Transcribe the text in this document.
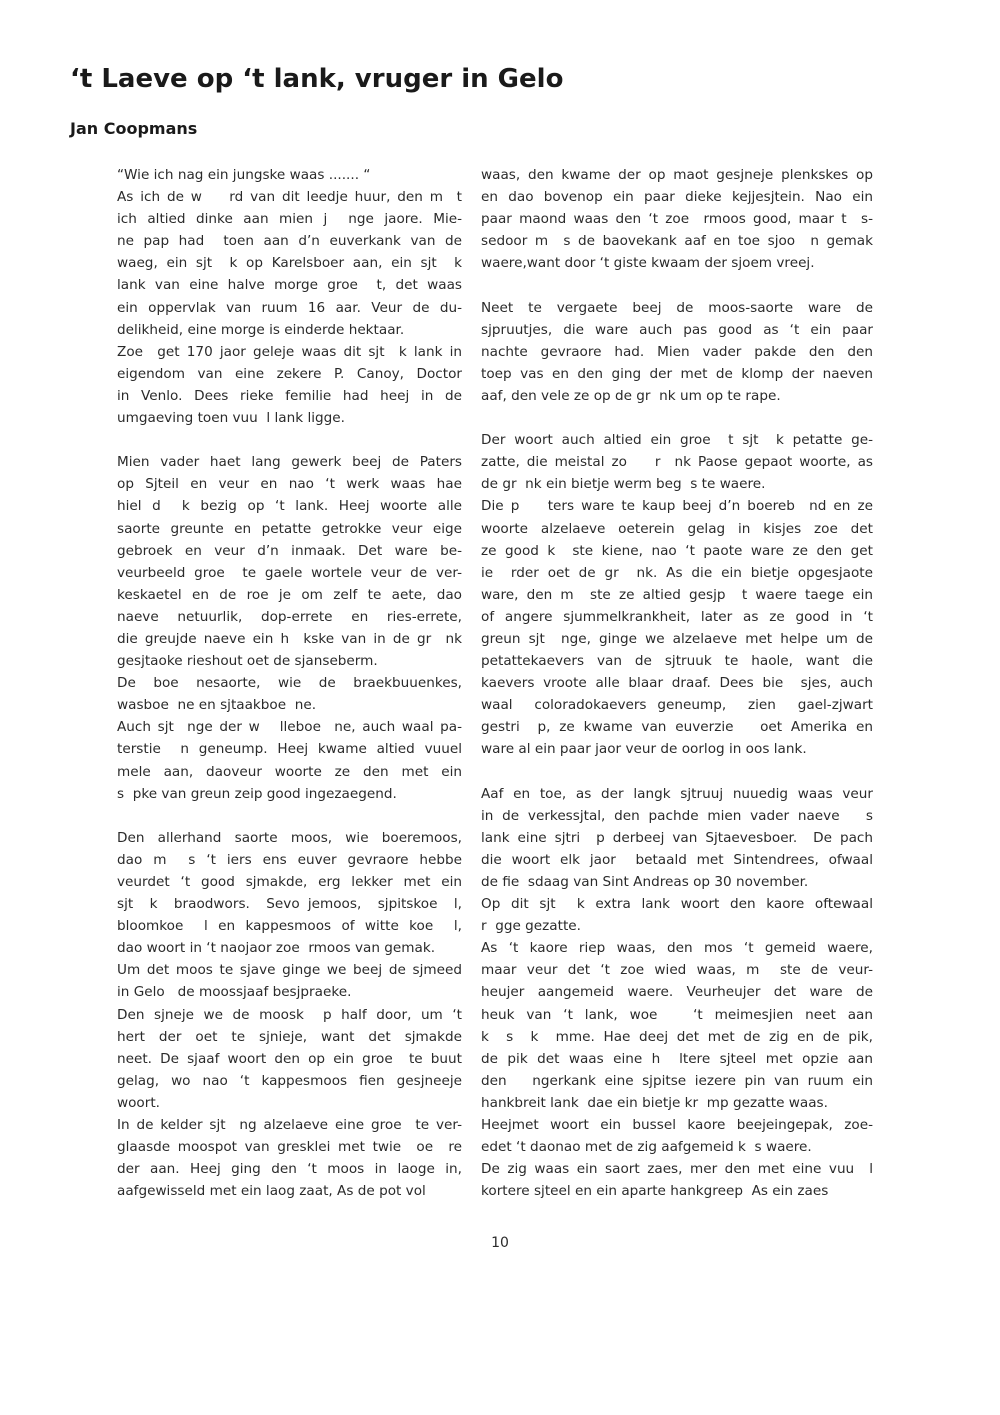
‘t Laeve op ‘t lank, vruger in Gelo
Jan Coopmans
“Wie ich nag ein jungske waas ....... “
As ich de w    rd van dit leedje huur, den m  t
ich altied dinke aan mien j  nge jaore. Mie-
ne pap had  toen aan d’n euverkank van de
waeg, ein sjt  k op Karelsboer aan, ein sjt  k
lank van eine halve morge groe  t, det waas
ein oppervlak van ruum 16 aar. Veur de du-
delikheid, eine morge is einderde hektaar.
Zoe  get 170 jaor geleje waas dit sjt  k lank in
eigendom van eine zekere P. Canoy, Doctor
in Venlo. Dees rieke femilie had heej in de
umgaeving toen vuu  l lank ligge.
Mien vader haet lang gewerk beej de Paters
op Sjteil en veur en nao ‘t werk waas hae
hiel d  k bezig op ‘t lank. Heej woorte alle
saorte greunte en petatte getrokke veur eige
gebroek en veur d’n inmaak. Det ware be-
veurbeeld groe  te gaele wortele veur de ver-
keskaetel en de roe je om zelf te aete, dao
naeve netuurlik, dop-errete en ries-errete,
die greujde naeve ein h  kske van in de gr  nk
gesjtaoke rieshout oet de sjanseberm.
De  boe  nesaorte,  wie  de  braekbuuenkes,
wasboe  ne en sjtaakboe  ne.
Auch sjt  nge der w   lleboe  ne, auch waal pa-
terstie  n geneump. Heej kwame altied vuuel
mele aan, daoveur woorte ze den met ein
s  pke van greun zeip good ingezaegend.
Den allerhand saorte moos, wie boeremoos,
dao m  s ‘t iers ens euver gevraore hebbe
veurdet ‘t good sjmakde, erg lekker met ein
sjt  k  braodwors.  Sevo jemoos,  sjpitskoe  l,
bloomkoe  l en kappesmoos of witte koe  l,
dao woort in ‘t naojaor zoe  rmoos van gemak.
Um det moos te sjave ginge we beej de sjmeed
in Gelo   de moossjaaf besjpraeke.
Den sjneje we de moosk  p half door, um ‘t
hert der oet te sjnieje, want det sjmakde
neet. De sjaaf woort den op ein groe  te buut
gelag, wo nao ‘t kappesmoos fien gesjneeje
woort.
In de kelder sjt  ng alzelaeve eine groe  te ver-
glaasde moospot van gresklei met twie  oe  re
der aan. Heej ging den ‘t moos in laoge in,
aafgewisseld met ein laog zaat, As de pot vol
waas, den kwame der op maot gesjneje plenkskes op
en dao bovenop ein paar dieke kejjesjtein. Nao ein
paar maond waas den ‘t zoe  rmoos good, maar t  s-
sedoor m  s de baovekank aaf en toe sjoo  n gemak
waere,want door ‘t giste kwaam der sjoem vreej.
Neet  te  vergaete  beej  de  moos-saorte  ware  de
sjpruutjes, die ware auch pas good as ‘t ein paar
nachte gevraore had. Mien vader pakde den den
toep vas en den ging der met de klomp der naeven
aaf, den vele ze op de gr  nk um op te rape.
Der woort auch altied ein groe  t sjt  k petatte ge-
zatte, die meistal zo    r  nk Paose gepaot woorte, as
de gr  nk ein bietje werm beg  s te waere.
Die p    ters ware te kaup beej d’n boereb  nd en ze
woorte alzelaeve oeterein gelag in kisjes zoe det
ze good k  ste kiene, nao ‘t paote ware ze den get
ie  rder oet de gr  nk. As die ein bietje opgesjaote
ware, den m  ste ze altied gesjp  t waere taege ein
of angere sjummelkrankheit, later as ze good in ‘t
greun sjt  nge, ginge we alzelaeve met helpe um de
petattekaevers van de sjtruuk te haole, want die
kaevers vroote alle blaar draaf. Dees bie  sjes, auch
waal  coloradokaevers geneump,  zien  gael-zjwart
gestri  p, ze kwame van euverzie   oet Amerika en
ware al ein paar jaor veur de oorlog in oos lank.
Aaf en toe, as der langk sjtruuj nuuedig waas veur
in de verkessjtal, den pachde mien vader naeve   s
lank eine sjtri  p derbeej van Sjtaevesboer.  De pach
die woort elk jaor  betaald met Sintendrees, ofwaal
de fie  sdaag van Sint Andreas op 30 november.
Op dit sjt  k extra lank woort den kaore oftewaal
r  gge gezatte.
As ‘t kaore riep waas, den mos ‘t gemeid waere,
maar veur det ‘t zoe wied waas, m  ste de veur-
heujer aangemeid waere. Veurheujer det ware de
heuk van ‘t lank, woe   ‘t meimesjien neet aan
k  s  k  mme. Hae deej det met de zig en de pik,
de pik det waas eine h  ltere sjteel met opzie aan
den   ngerkank eine sjpitse iezere pin van ruum ein
hankbreit lank  dae ein bietje kr  mp gezatte waas.
Heejmet woort ein bussel kaore beejeingepak, zoe-
edet ‘t daonao met de zig aafgemeid k  s waere.
De zig waas ein saort zaes, mer den met eine vuu  l
kortere sjteel en ein aparte hankgreep  As ein zaes
10
